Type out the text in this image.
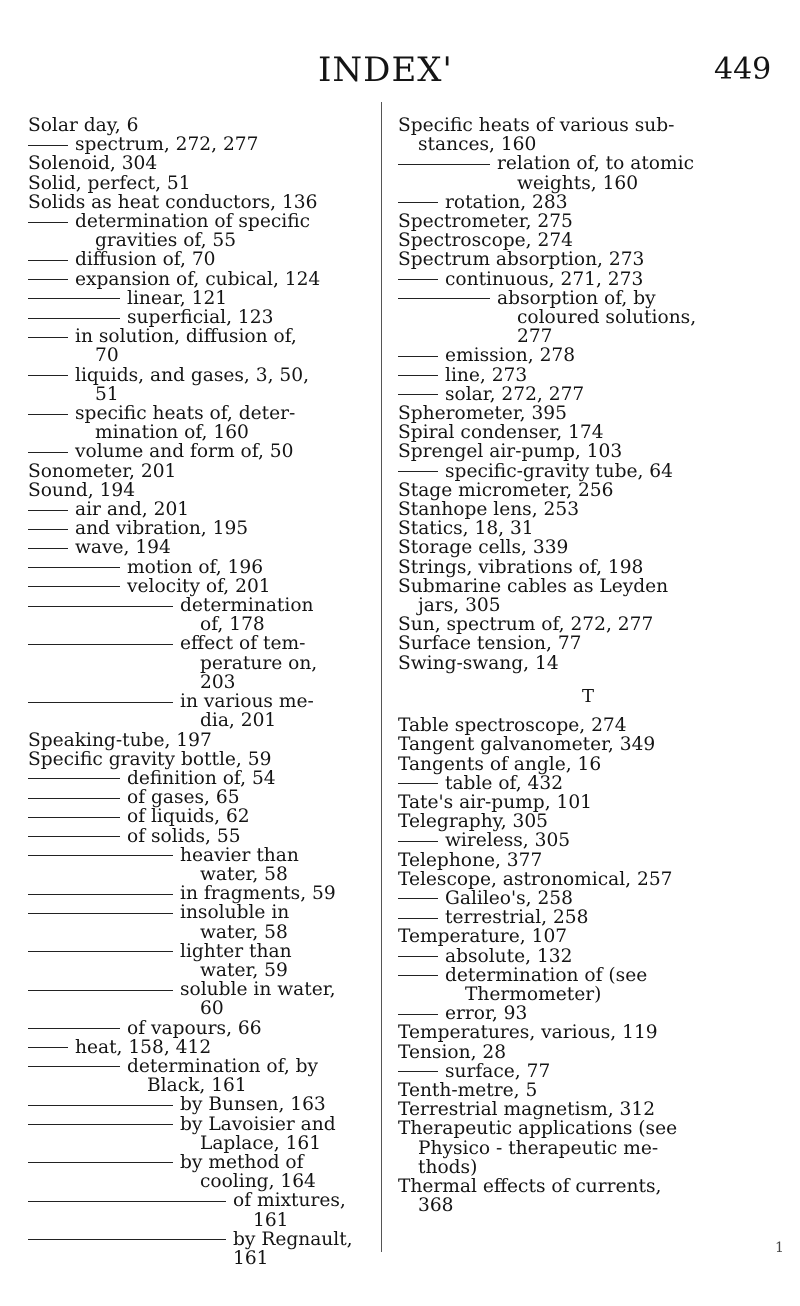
INDEX'	449
Solar day, 6
spectrum, 272, 277
Solenoid, 304
Solid, perfect, 51
Solids as heat conductors, 136
determination of specific
gravities of, 55
diffusion of, 70
expansion of, cubical, 124
linear, 121
superficial, 123
in solution, diffusion of,
70
liquids, and gases, 3, 50,
51
specific heats of, deter-
mination of, 160
volume and form of, 50
Sonometer, 201
Sound, 194
air and, 201
and vibration, 195
wave, 194
motion of, 196
velocity of, 201
determination
of, 178
effect of tem-
perature on,
203
in various me-
dia, 201
Speaking-tube, 197
Specific gravity bottle, 59
definition of, 54
of gases, 65
of liquids, 62
of solids, 55
heavier than
water, 58
in fragments, 59
insoluble in
water, 58
lighter than
water, 59
soluble in water,
60
of vapours, 66
heat, 158, 412
determination of, by
Black, 161
by Bunsen, 163
by Lavoisier and
Laplace, 161
by method of
cooling, 164
of mixtures,
161
by Regnault, 161
Specific heats of various sub-
stances, 160
relation of, to atomic
weights, 160
rotation, 283
Spectrometer, 275
Spectroscope, 274
Spectrum absorption, 273
continuous, 271, 273
absorption of, by
coloured solutions,
277
emission, 278
line, 273
solar, 272, 277
Spherometer, 395
Spiral condenser, 174
Sprengel air-pump, 103
specific-gravity tube, 64
Stage micrometer, 256
Stanhope lens, 253
Statics, 18, 31
Storage cells, 339
Strings, vibrations of, 198
Submarine cables as Leyden
jars, 305
Sun, spectrum of, 272, 277
Surface tension, 77
Swing-swang, 14
T
Table spectroscope, 274
Tangent galvanometer, 349
Tangents of angle, 16
table of, 432
Tate's air-pump, 101
Telegraphy, 305
wireless, 305
Telephone, 377
Telescope, astronomical, 257
Galileo's, 258
terrestrial, 258
Temperature, 107
absolute, 132
determination of (see
Thermometer)
error, 93
Temperatures, various, 119
Tension, 28
surface, 77
Tenth-metre, 5
Terrestrial magnetism, 312
Therapeutic applications (see
Physico - therapeutic me-
thods)
Thermal effects of currents,
368
1
